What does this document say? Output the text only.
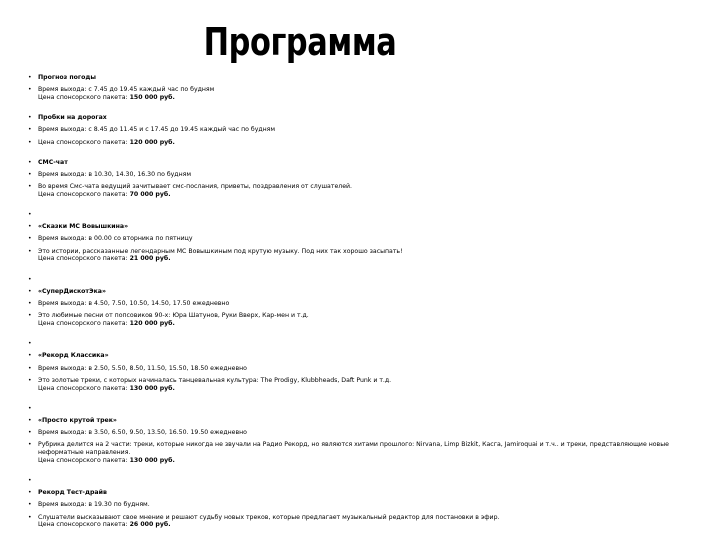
Программа
• Прогноз погоды
• Время выхода: с 7.45 до 19.45 каждый час по будням
Цена спонсорского пакета: 150 000 руб.
• Пробки на дорогах
• Время выхода: с 8.45 до 11.45 и с 17.45 до 19.45 каждый час по будням
• Цена спонсорского пакета: 120 000 руб.
• СМС-чат
• Время выхода: в 10.30, 14.30, 16.30 по будням
• Во время Смс-чата ведущий зачитывает смс-послания, приветы, поздравления от слушателей.
Цена спонсорского пакета: 70 000 руб.
•
• «Сказки МС Вовышкина»
• Время выхода: в 00.00 со вторника по пятницу
• Это истории, рассказанные легендарным МС Вовышкиным под крутую музыку. Под них так хорошо засыпать!
Цена спонсорского пакета: 21 000 руб.
•
• «СуперДискотЭка»
• Время выхода: в 4.50, 7.50, 10.50, 14.50, 17.50 ежедневно
• Это любимые песни от попсовиков 90-х: Юра Шатунов, Руки Вверх, Кар-мен и т.д.
Цена спонсорского пакета: 120 000 руб.
•
• «Рекорд Классика»
• Время выхода: в 2.50, 5.50, 8.50, 11.50, 15.50, 18.50 ежедневно
• Это золотые треки, с которых начиналась танцевальная культура: The Prodigy, Klubbheads, Daft Punk и т.д.
Цена спонсорского пакета: 130 000 руб.
•
• «Просто крутой трек»
• Время выхода: в 3.50, 6.50, 9.50, 13.50, 16.50. 19.50 ежедневно
• Рубрика делится на 2 части: треки, которые никогда не звучали на Радио Рекорд, но являются хитами прошлого: Nirvana, Limp Bizkit, Касга, Jamiroquai и т.ч.. и треки, представляющие новые неформатные направления.
Цена спонсорского пакета: 130 000 руб.
•
• Рекорд Тест-драйв
• Время выхода: в 19.30 по будням.
• Слушатели высказывают свое мнение и решают судьбу новых треков, которые предлагает музыкальный редактор для постановки в эфир.
Цена спонсорского пакета: 26 000 руб.
